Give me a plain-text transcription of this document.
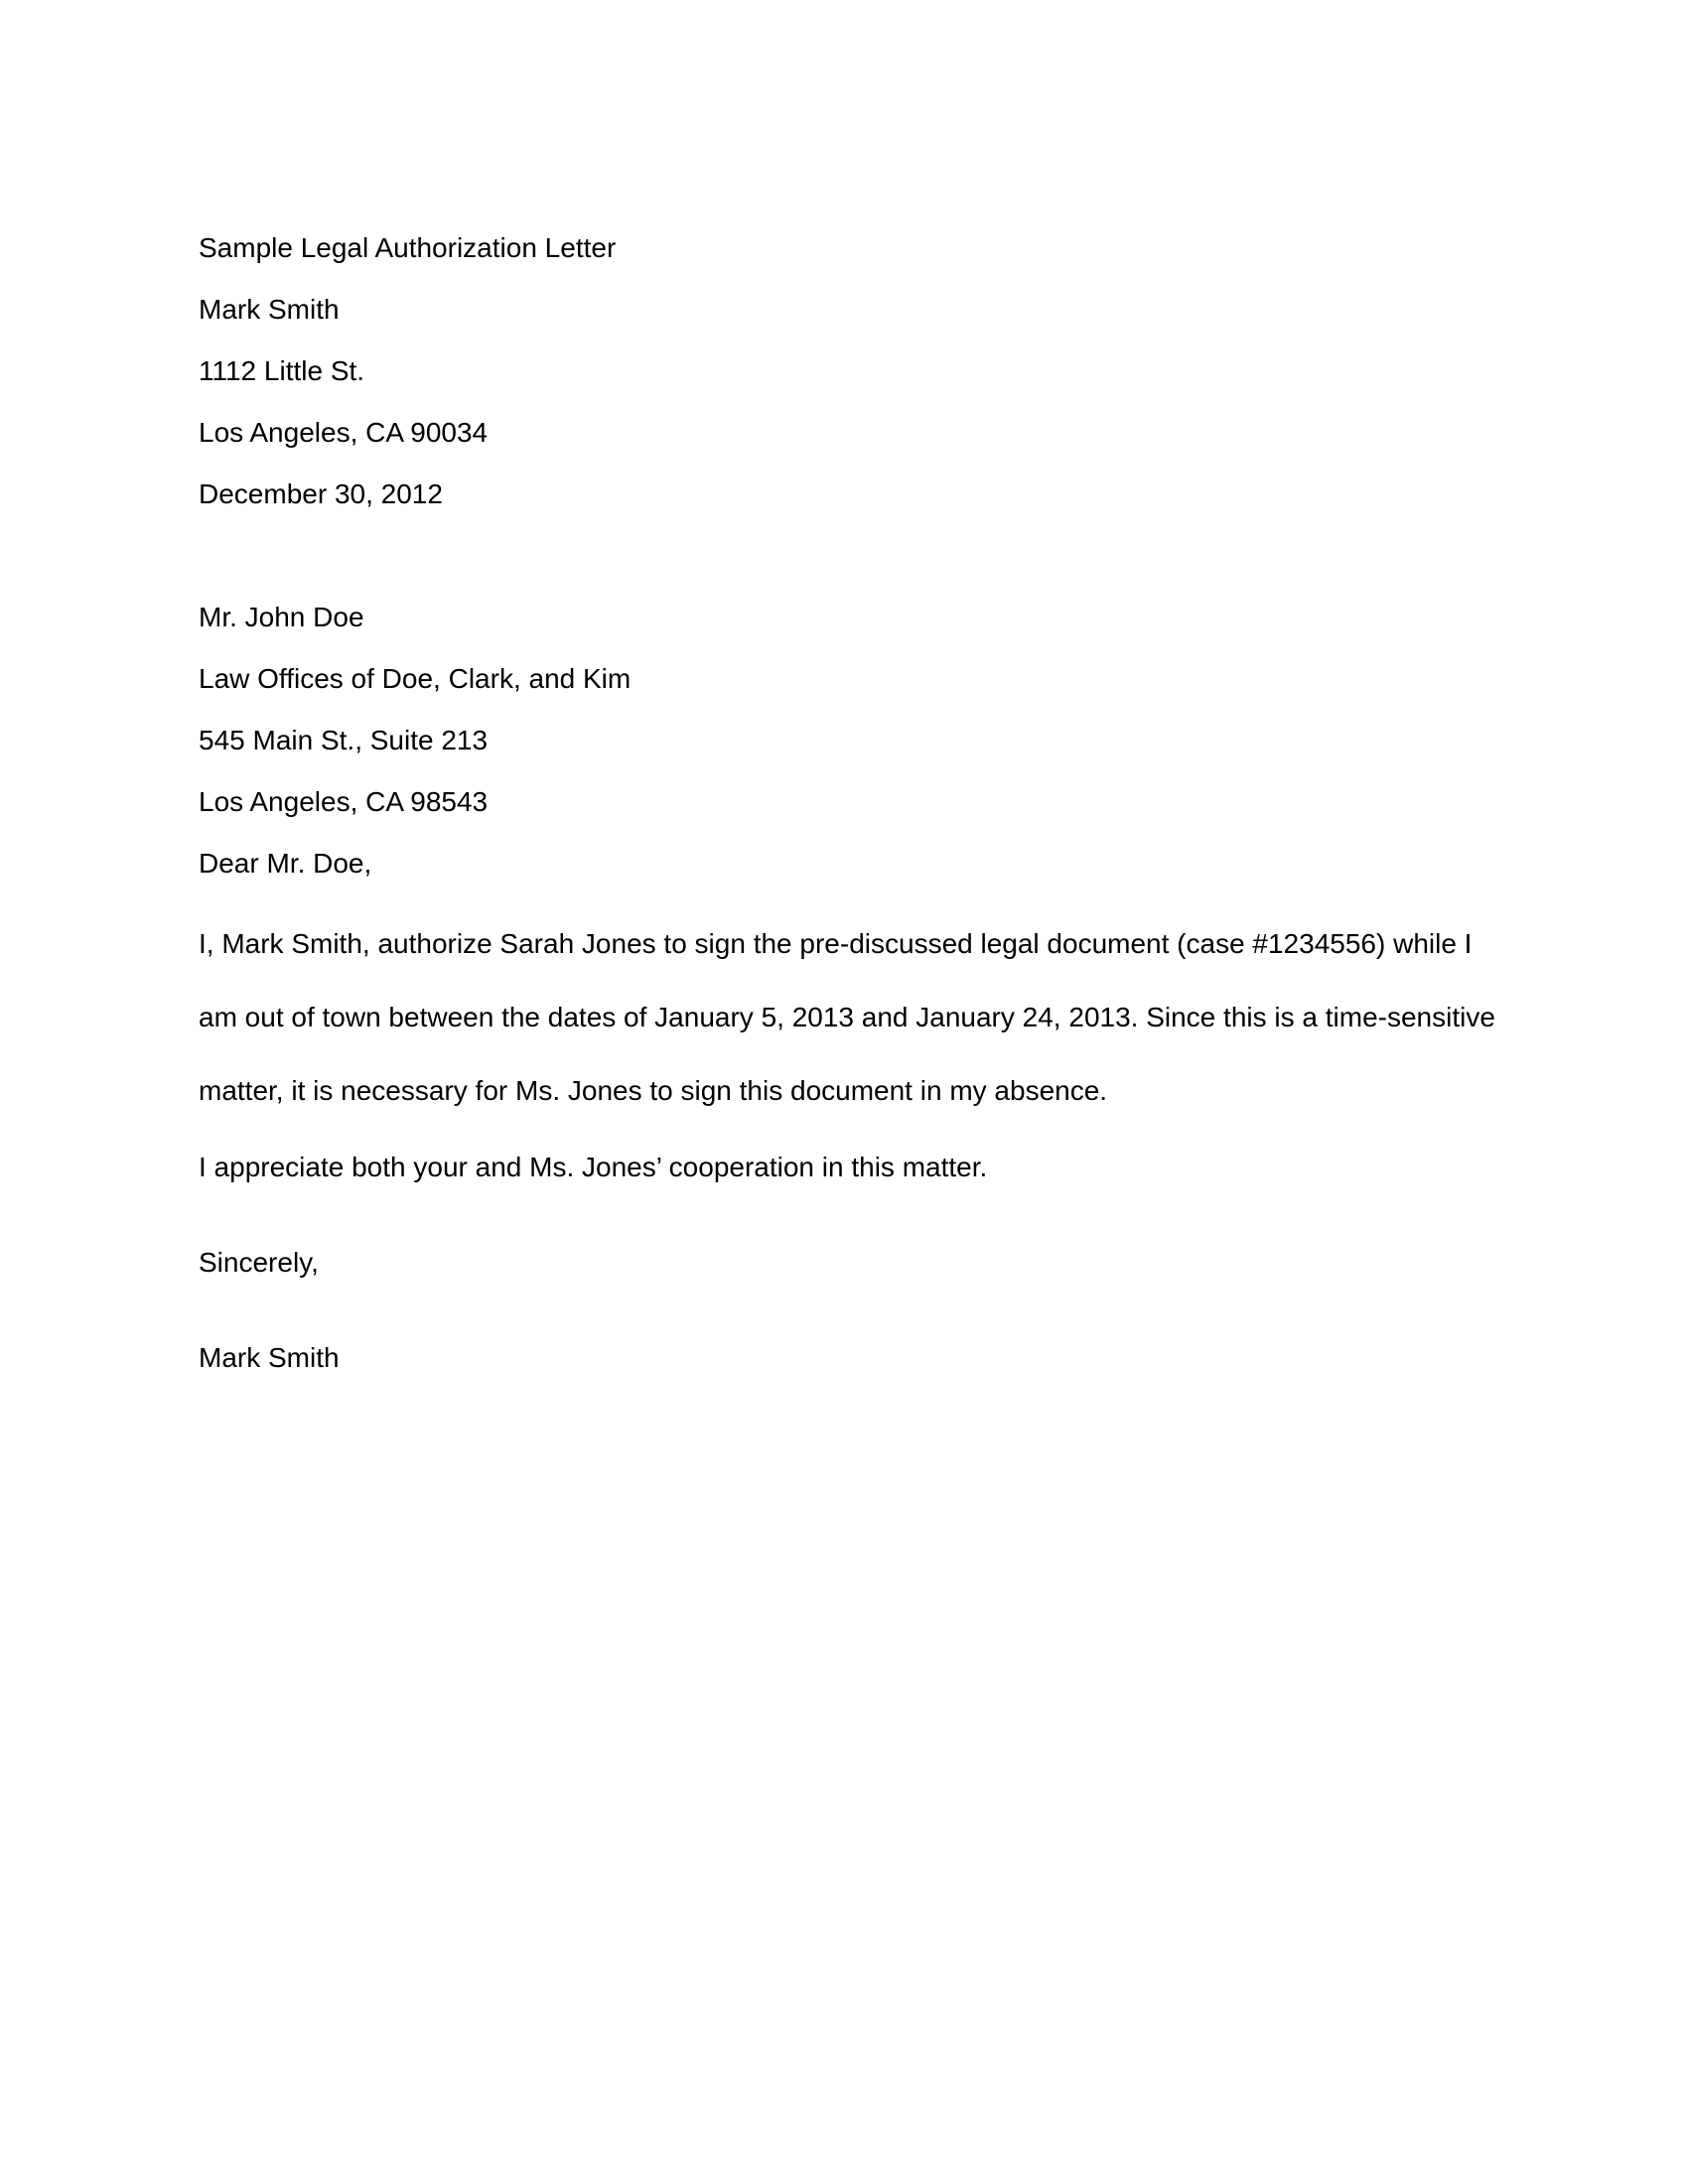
Sample Legal Authorization Letter

Mark Smith

1112 Little St.

Los Angeles, CA 90034

December 30, 2012

Mr. John Doe

Law Offices of Doe, Clark, and Kim

545 Main St., Suite 213

Los Angeles, CA 98543

Dear Mr. Doe,

I, Mark Smith, authorize Sarah Jones to sign the pre-discussed legal document (case #1234556) while I am out of town between the dates of January 5, 2013 and January 24, 2013. Since this is a time-sensitive matter, it is necessary for Ms. Jones to sign this document in my absence.

I appreciate both your and Ms. Jones’ cooperation in this matter.

Sincerely,

Mark Smith
